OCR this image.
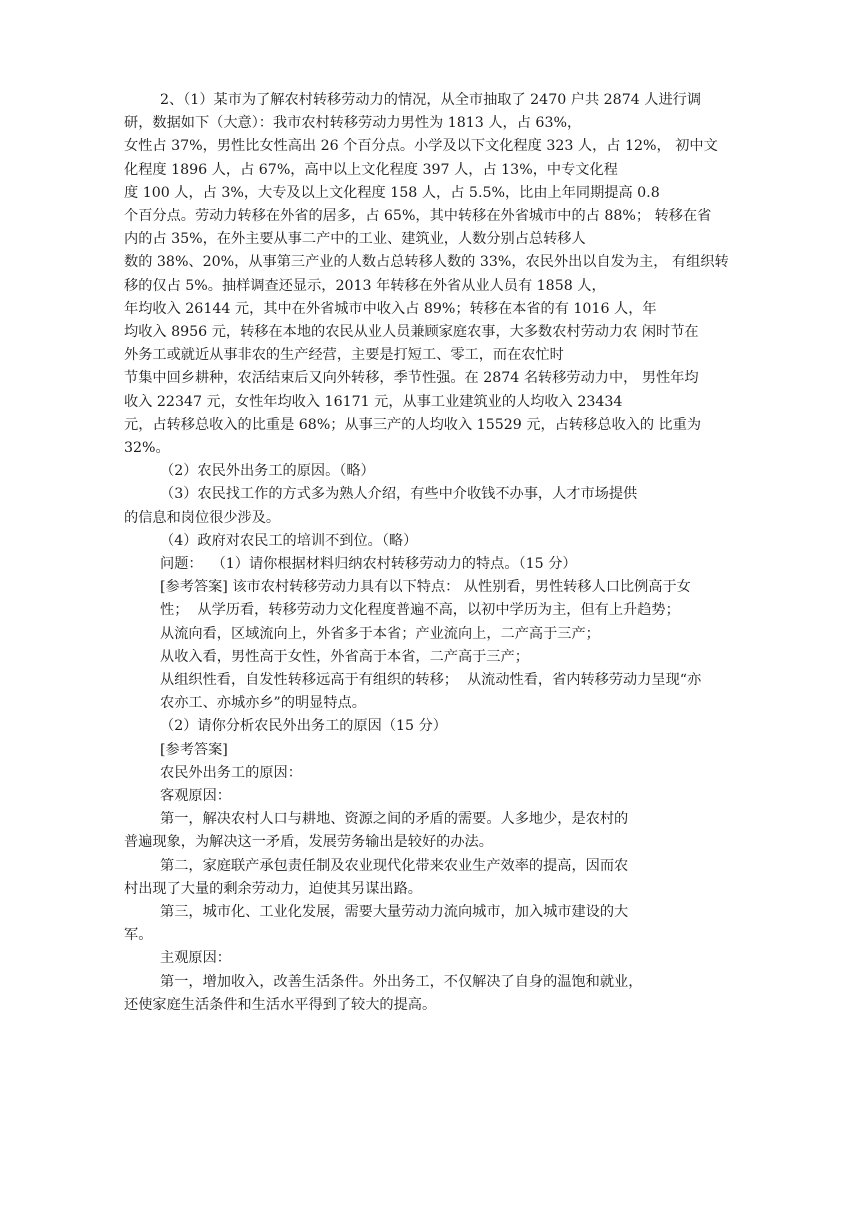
2、（1）某市为了解农村转移劳动力的情况，从全市抽取了 2470 户共 2874 人进行调
研，数据如下（大意）：我市农村转移劳动力男性为 1813 人，占 63%，
女性占 37%，男性比女性高出 26 个百分点。小学及以下文化程度 323 人，占 12%， 初中文
化程度 1896 人，占 67%，高中以上文化程度 397 人，占 13%，中专文化程
度 100 人，占 3%，大专及以上文化程度 158 人，占 5.5%，比由上年同期提高 0.8
个百分点。劳动力转移在外省的居多，占 65%，其中转移在外省城市中的占 88%； 转移在省
内的占 35%，在外主要从事二产中的工业、建筑业，人数分别占总转移人
数的 38%、20%，从事第三产业的人数占总转移人数的 33%，农民外出以自发为主， 有组织转
移的仅占 5%。抽样调查还显示，2013 年转移在外省从业人员有 1858 人，
年均收入 26144 元，其中在外省城市中收入占 89%；转移在本省的有 1016 人，年
均收入 8956 元，转移在本地的农民从业人员兼顾家庭农事，大多数农村劳动力农 闲时节在
外务工或就近从事非农的生产经营，主要是打短工、零工，而在农忙时
节集中回乡耕种，农活结束后又向外转移，季节性强。在 2874 名转移劳动力中， 男性年均
收入 22347 元，女性年均收入 16171 元，从事工业建筑业的人均收入 23434
元，占转移总收入的比重是 68%；从事三产的人均收入 15529 元，占转移总收入的 比重为
32%。
（2）农民外出务工的原因。（略）
（3）农民找工作的方式多为熟人介绍，有些中介收钱不办事，人才市场提供
的信息和岗位很少涉及。
（4）政府对农民工的培训不到位。（略）
问题：  （1）请你根据材料归纳农村转移劳动力的特点。（15 分）
[参考答案] 该市农村转移劳动力具有以下特点： 从性别看，男性转移人口比例高于女
性；  从学历看，转移劳动力文化程度普遍不高，以初中学历为主，但有上升趋势；
从流向看，区域流向上，外省多于本省；产业流向上，二产高于三产；
从收入看，男性高于女性，外省高于本省，二产高于三产；
从组织性看，自发性转移远高于有组织的转移；  从流动性看，省内转移劳动力呈现“亦
农亦工、亦城亦乡”的明显特点。
（2）请你分析农民外出务工的原因（15 分）
[参考答案]
农民外出务工的原因：
客观原因：
第一，解决农村人口与耕地、资源之间的矛盾的需要。人多地少，是农村的
普遍现象，为解决这一矛盾，发展劳务输出是较好的办法。
第二，家庭联产承包责任制及农业现代化带来农业生产效率的提高，因而农
村出现了大量的剩余劳动力，迫使其另谋出路。
第三，城市化、工业化发展，需要大量劳动力流向城市，加入城市建设的大
军。
主观原因：
第一，增加收入，改善生活条件。外出务工，不仅解决了自身的温饱和就业，
还使家庭生活条件和生活水平得到了较大的提高。
